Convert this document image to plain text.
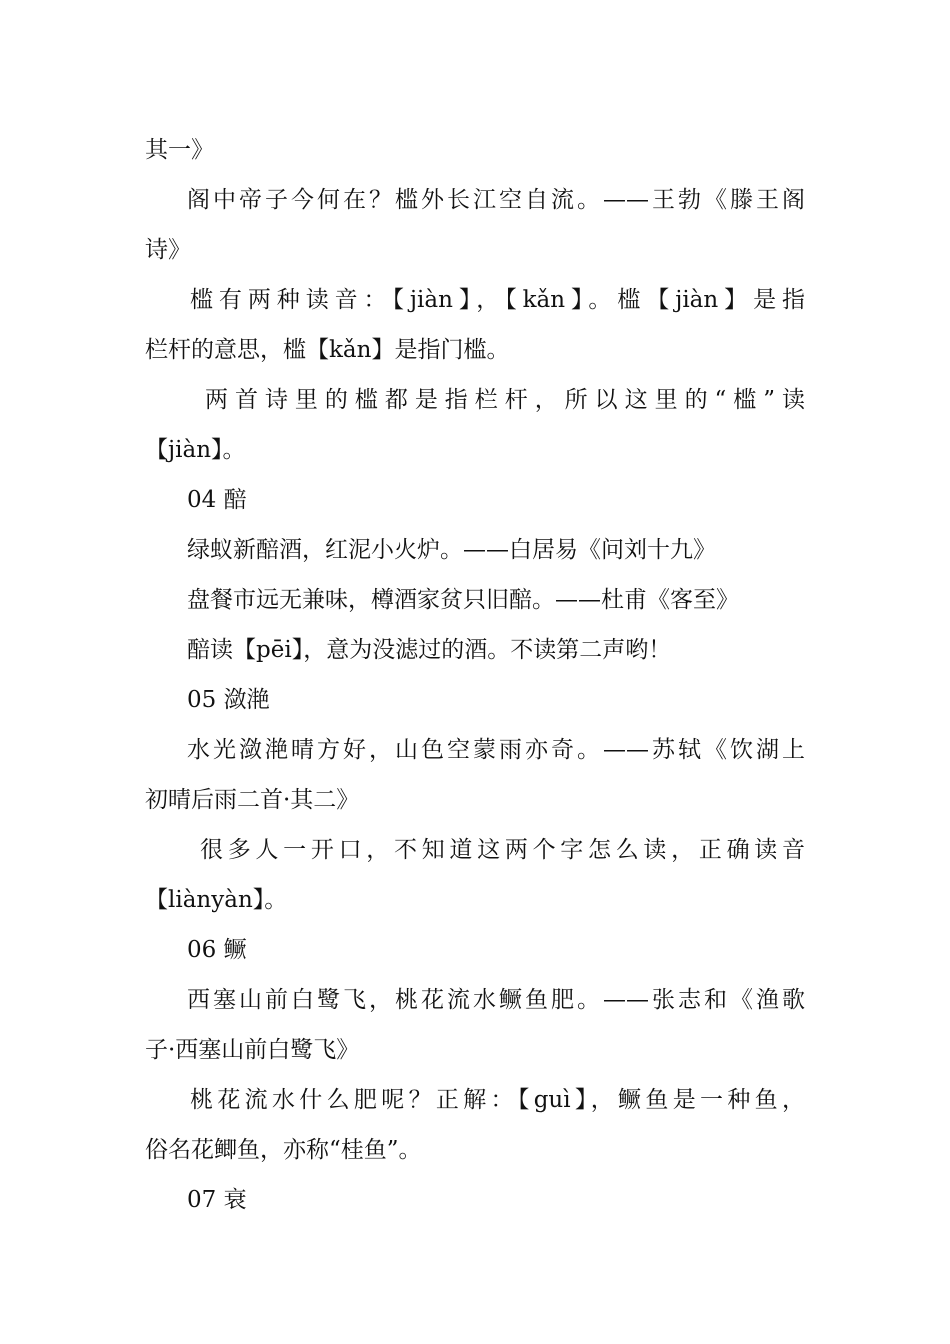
其一》
阁中帝子今何在？槛外长江空自流。——王勃《滕王阁
诗》
槛有两种读音：【jiàn】，【kǎn】。槛【jiàn】是指
栏杆的意思，槛【kǎn】是指门槛。
两首诗里的槛都是指栏杆，所以这里的“槛”读
【jiàn】。
04 醅
绿蚁新醅酒，红泥小火炉。——白居易《问刘十九》
盘餐市远无兼味，樽酒家贫只旧醅。——杜甫《客至》
醅读【pēi】，意为没滤过的酒。不读第二声哟！
05 潋滟
水光潋滟晴方好，山色空蒙雨亦奇。——苏轼《饮湖上
初晴后雨二首·其二》
很多人一开口，不知道这两个字怎么读，正确读音
【liànyàn】。
06 鳜
西塞山前白鹭飞，桃花流水鳜鱼肥。——张志和《渔歌
子·西塞山前白鹭飞》
桃花流水什么肥呢？正解：【guì】，鳜鱼是一种鱼，
俗名花鲫鱼，亦称“桂鱼”。
07 衰
